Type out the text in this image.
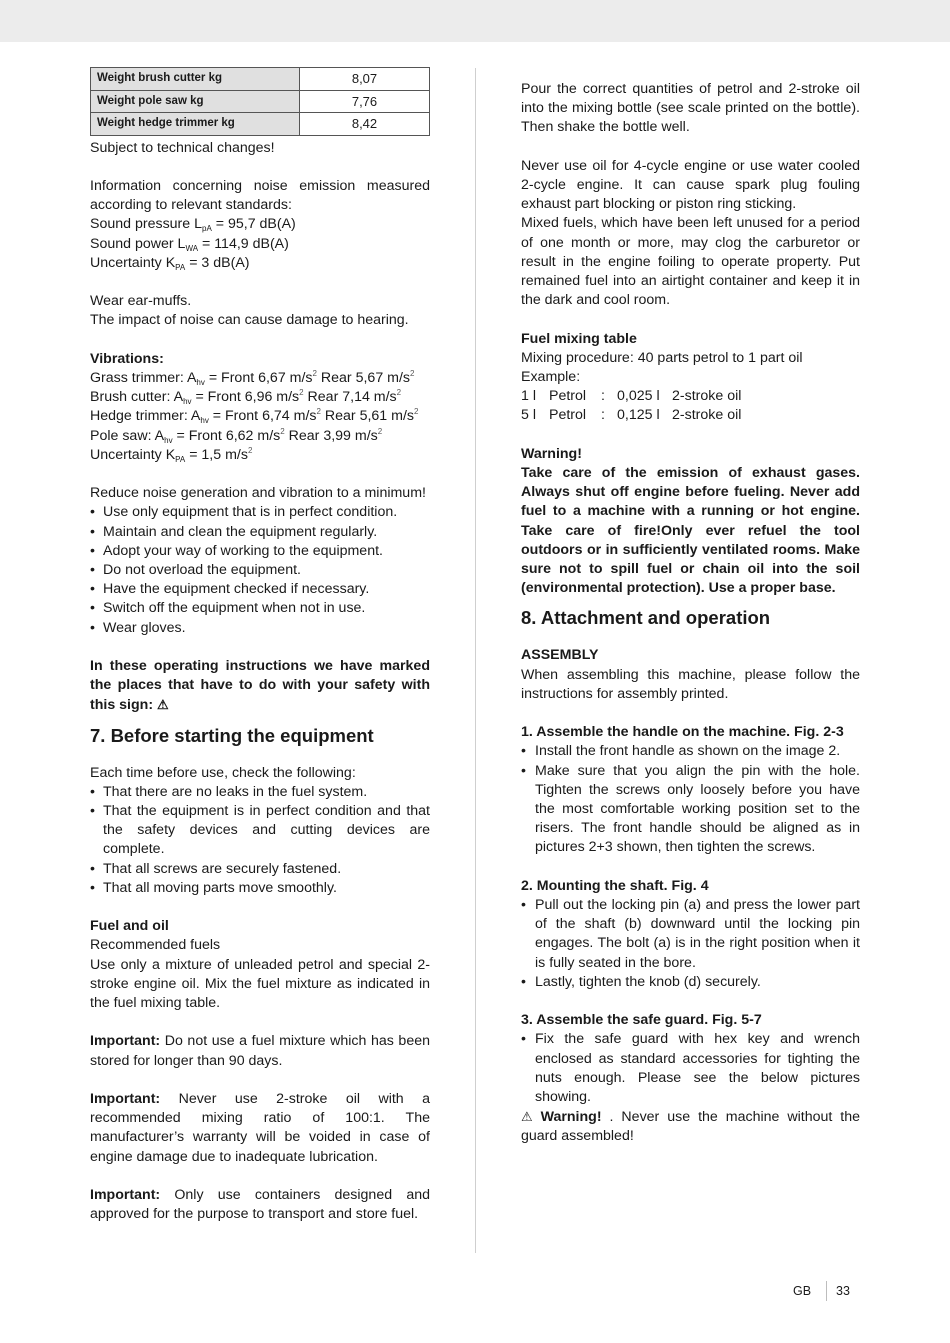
Weight brush cutter kg	8,07
Weight pole saw kg	7,76
Weight hedge trimmer kg	8,42

Subject to technical changes!

Information concerning noise emission measured according to relevant standards:

Sound pressure $L_{pA} = 95,7$ dB(A)

Sound power $L_{WA} = 114,9$ dB(A)

Uncertainty $K_{PA} = 3$ dB(A)

Wear ear-muffs.

The impact of noise can cause damage to hearing.

Vibrations:

Grass trimmer: $A_{hv}$ = Front 6,67 $m/s^2$ Rear 5,67 $m/s^2$

Brush cutter: $A_{hv}$ = Front 6,96 $m/s^2$ Rear 7,14 $m/s^2$

Hedge trimmer: $A_{hv}$ = Front 6,74 $m/s^2$ Rear 5,61 $m/s^2$

Pole saw: $A_{hv}$ = Front 6,62 $m/s^2$ Rear 3,99 $m/s^2$

Uncertainty $K_{PA} = 1,5$ $m/s^2$

Reduce noise generation and vibration to a minimum!

• Use only equipment that is in perfect condition.
• Maintain and clean the equipment regularly.
• Adopt your way of working to the equipment.
• Do not overload the equipment.
• Have the equipment checked if necessary.
• Switch off the equipment when not in use.
• Wear gloves.

In these operating instructions we have marked the places that have to do with your safety with this sign: ⚠

7. Before starting the equipment

Each time before use, check the following:

• That there are no leaks in the fuel system.
• That the equipment is in perfect condition and that the safety devices and cutting devices are complete.
• That all screws are securely fastened.
• That all moving parts move smoothly.

Fuel and oil

Recommended fuels

Use only a mixture of unleaded petrol and special 2-stroke engine oil. Mix the fuel mixture as indicated in the fuel mixing table.

Important: Do not use a fuel mixture which has been stored for longer than 90 days.

Important: Never use 2-stroke oil with a recommended mixing ratio of 100:1. The manufacturer’s warranty will be voided in case of engine damage due to inadequate lubrication.

Important: Only use containers designed and approved for the purpose to transport and store fuel.

Pour the correct quantities of petrol and 2-stroke oil into the mixing bottle (see scale printed on the bottle). Then shake the bottle well.

Never use oil for 4-cycle engine or use water cooled 2-cycle engine. It can cause spark plug fouling exhaust part blocking or piston ring sticking.

Mixed fuels, which have been left unused for a period of one month or more, may clog the carburetor or result in the engine foiling to operate property. Put remained fuel into an airtight container and keep it in the dark and cool room.

Fuel mixing table

Mixing procedure: 40 parts petrol to 1 part oil

Example:

1 l Petrol : 0,025 l 2-stroke oil

5 l Petrol : 0,125 l 2-stroke oil

Warning!

Take care of the emission of exhaust gases. Always shut off engine before fueling. Never add fuel to a machine with a running or hot engine. Take care of fire!Only ever refuel the tool outdoors or in sufficiently ventilated rooms. Make sure not to spill fuel or chain oil into the soil (environmental protection). Use a proper base.

8. Attachment and operation

ASSEMBLY

When assembling this machine, please follow the instructions for assembly printed.

1. Assemble the handle on the machine. Fig. 2-3

• Install the front handle as shown on the image 2.
• Make sure that you align the pin with the hole. Tighten the screws only loosely before you have the most comfortable working position set to the risers. The front handle should be aligned as in pictures 2+3 shown, then tighten the screws.

2. Mounting the shaft. Fig. 4

• Pull out the locking pin (a) and press the lower part of the shaft (b) downward until the locking pin engages. The bolt (a) is in the right position when it is fully seated in the bore.
• Lastly, tighten the knob (d) securely.

3. Assemble the safe guard. Fig. 5-7

• Fix the safe guard with hex key and wrench enclosed as standard accessories for tighting the nuts enough. Please see the below pictures showing.

⚠ Warning! . Never use the machine without the guard assembled!

GB 33
